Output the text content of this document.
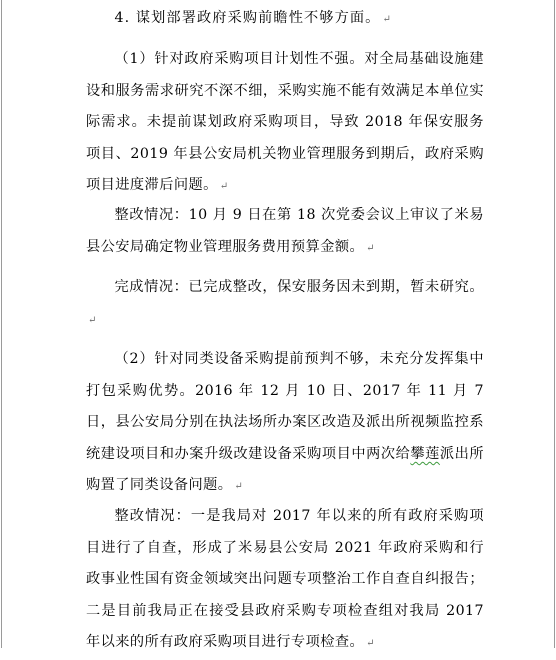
4. 谋划部署政府采购前瞻性不够方面。 ↵

（1）针对政府采购项目计划性不强。对全局基础设施建设和服务需求研究不深不细，采购实施不能有效满足本单位实际需求。未提前谋划政府采购项目，导致 2018 年保安服务项目、2019 年县公安局机关物业管理服务到期后，政府采购项目进度滞后问题。 ↵

整改情况：10 月 9 日在第 18 次党委会议上审议了米易县公安局确定物业管理服务费用预算金额。 ↵

完成情况：已完成整改，保安服务因未到期，暂未研究。↵

（2）针对同类设备采购提前预判不够，未充分发挥集中打包采购优势。2016 年 12 月 10 日、2017 年 11 月 7 日，县公安局分别在执法场所办案区改造及派出所视频监控系统建设项目和办案升级改建设备采购项目中两次给攀莲派出所购置了同类设备问题。 ↵

整改情况：一是我局对 2017 年以来的所有政府采购项目进行了自查，形成了米易县公安局 2021 年政府采购和行政事业性国有资金领域突出问题专项整治工作自查自纠报告；二是目前我局正在接受县政府采购专项检查组对我局 2017 年以来的所有政府采购项目进行专项检查。 ↵
